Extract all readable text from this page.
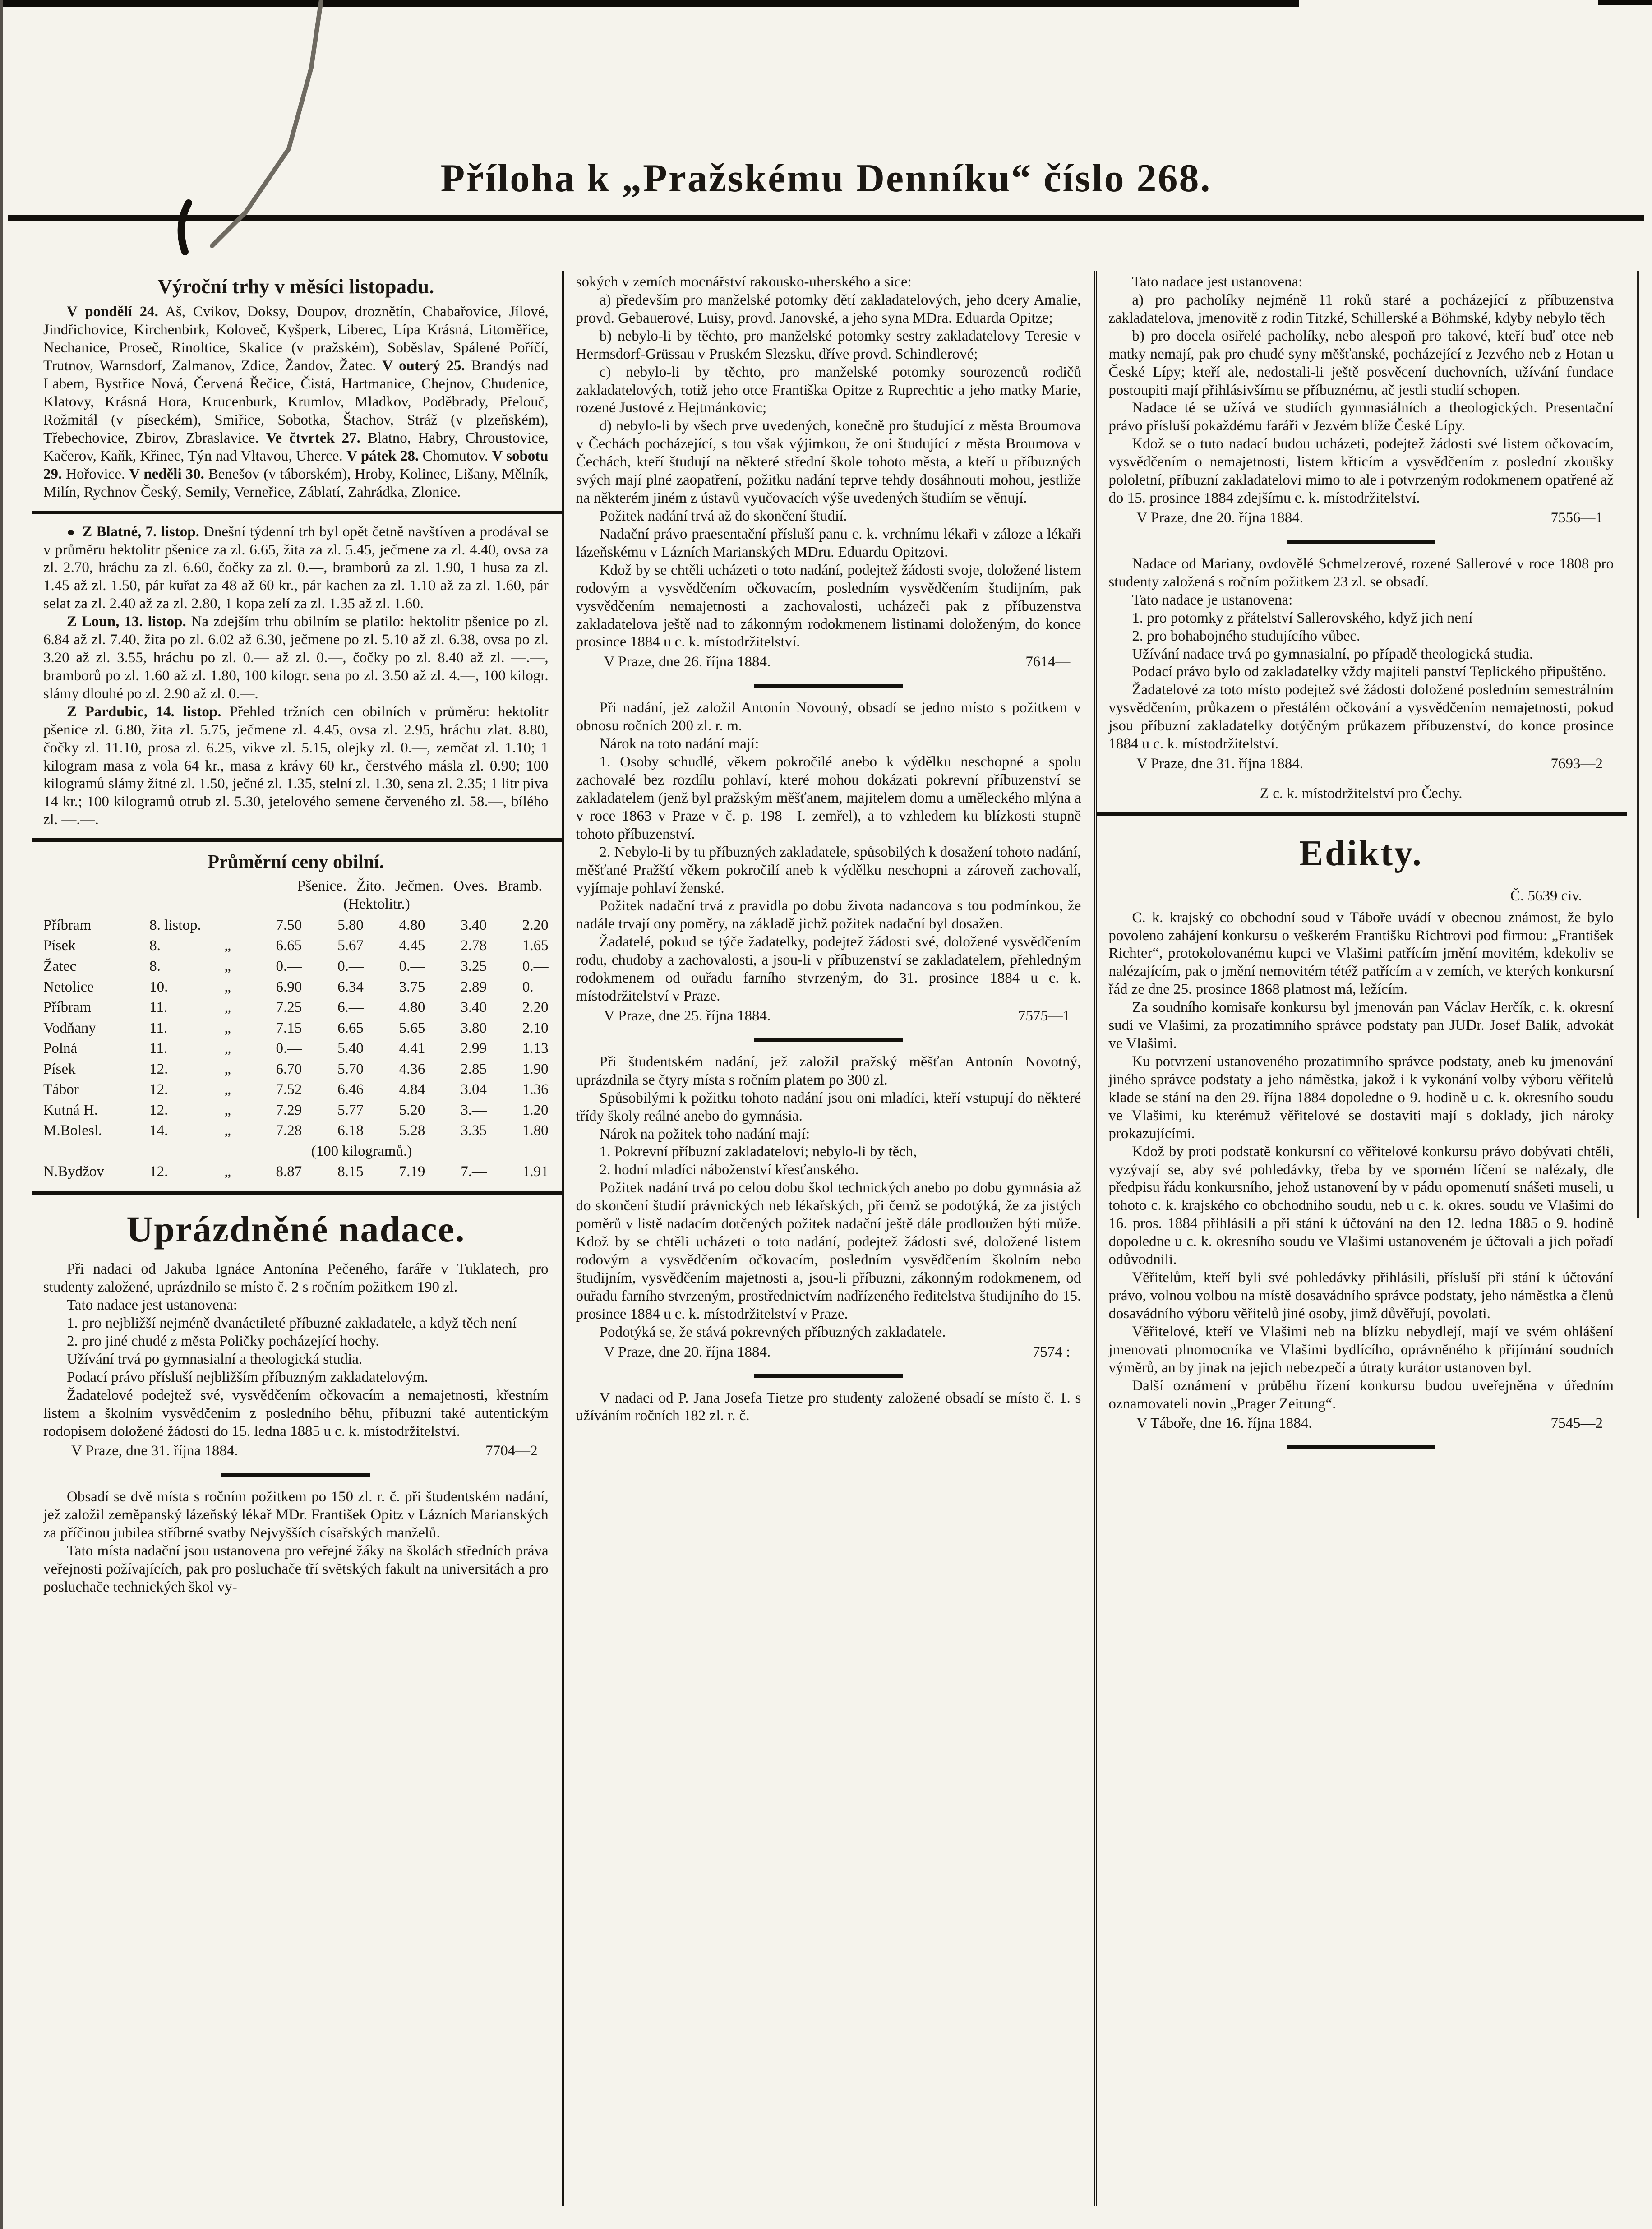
Příloha k „Pražskému Denníku“ číslo 268.
Výroční trhy v měsíci listopadu.

V pondělí 24. Aš, Cvikov, Doksy, Doupov, droznětín, Chabařovice, Jílové, Jindřichovice, Kirchenbirk, Koloveč, Kyšperk, Liberec, Lípa Krásná, Litoměřice, Nechanice, Proseč, Rinoltice, Skalice (v pražském), Soběslav, Spálené Poříčí, Trutnov, Warnsdorf, Zalmanov, Zdice, Žandov, Žatec. V outerý 25. Brandýs nad Labem, Bystřice Nová, Červená Řečice, Čistá, Hartmanice, Chejnov, Chudenice, Klatovy, Krásná Hora, Krucenburk, Krumlov, Mladkov, Poděbrady, Přelouč, Rožmitál (v píseckém), Smiřice, Sobotka, Štachov, Stráž (v plzeňském), Třebechovice, Zbirov, Zbraslavice. Ve čtvrtek 27. Blatno, Habry, Chroustovice, Kačerov, Kaňk, Křinec, Týn nad Vltavou, Uherce. V pátek 28. Chomutov. V sobotu 29. Hořovice. V neděli 30. Benešov (v táborském), Hroby, Kolinec, Lišany, Mělník, Milín, Rychnov Český, Semily, Verneřice, Záblatí, Zahrádka, Zlonice.

● Z Blatné, 7. listop. Dnešní týdenní trh byl opět četně navštíven a prodával se v průměru hektolitr pšenice za zl. 6.65, žita za zl. 5.45, ječmene za zl. 4.40, ovsa za zl. 2.70, hráchu za zl. 6.60, čočky za zl. 0.—, bramborů za zl. 1.90, 1 husa za zl. 1.45 až zl. 1.50, pár kuřat za 48 až 60 kr., pár kachen za zl. 1.10 až za zl. 1.60, pár selat za zl. 2.40 až za zl. 2.80, 1 kopa zelí za zl. 1.35 až zl. 1.60.

Z Loun, 13. listop. Na zdejším trhu obilním se platilo: hektolitr pšenice po zl. 6.84 až zl. 7.40, žita po zl. 6.02 až 6.30, ječmene po zl. 5.10 až zl. 6.38, ovsa po zl. 3.20 až zl. 3.55, hráchu po zl. 0.— až zl. 0.—, čočky po zl. 8.40 až zl. —.—, bramborů po zl. 1.60 až zl. 1.80, 100 kilogr. sena po zl. 3.50 až zl. 4.—, 100 kilogr. slámy dlouhé po zl. 2.90 až zl. 0.—.

Z Pardubic, 14. listop. Přehled tržních cen obilních v průměru: hektolitr pšenice zl. 6.80, žita zl. 5.75, ječmene zl. 4.45, ovsa zl. 2.95, hráchu zlat. 8.80, čočky zl. 11.10, prosa zl. 6.25, vikve zl. 5.15, olejky zl. 0.—, zemčat zl. 1.10; 1 kilogram masa z vola 64 kr., masa z krávy 60 kr., čerstvého másla zl. 0.90; 100 kilogramů slámy žitné zl. 1.50, ječné zl. 1.35, stelní zl. 1.30, sena zl. 2.35; 1 litr piva 14 kr.; 100 kilogramů otrub zl. 5.30, jetelového semene červeného zl. 58.—, bílého zl. —.—.

Průměrní ceny obilní.
Pšenice. Žito. Ječmen. Oves. Bramb.
(Hektolitr.)
Příbram	8. listop.		7.50	5.80	4.80	3.40	2.20
Písek	8.	„	6.65	5.67	4.45	2.78	1.65
Žatec	8.	„	0.—	0.—	0.—	3.25	0.—
Netolice	10.	„	6.90	6.34	3.75	2.89	0.—
Příbram	11.	„	7.25	6.—	4.80	3.40	2.20
Vodňany	11.	„	7.15	6.65	5.65	3.80	2.10
Polná	11.	„	0.—	5.40	4.41	2.99	1.13
Písek	12.	„	6.70	5.70	4.36	2.85	1.90
Tábor	12.	„	7.52	6.46	4.84	3.04	1.36
Kutná H.	12.	„	7.29	5.77	5.20	3.—	1.20
M.Bolesl.	14.	„	7.28	6.18	5.28	3.35	1.80
(100 kilogramů.)							
N.Bydžov	12.	„	8.87	8.15	7.19	7.—	1.91
Uprázdněné nadace.

Při nadaci od Jakuba Ignáce Antonína Pečeného, faráře v Tuklatech, pro studenty založené, uprázdnilo se místo č. 2 s ročním požitkem 190 zl.

Tato nadace jest ustanovena:

1. pro nejbližší nejméně dvanáctileté příbuzné zakladatele, a když těch není

2. pro jiné chudé z města Poličky pocházející hochy.

Užívání trvá po gymnasialní a theologická studia.

Podací právo přísluší nejbližším příbuzným zakladatelovým.

Žadatelové podejtež své, vysvědčením očkovacím a nemajetnosti, křestním listem a školním vysvědčením z posledního běhu, příbuzní také autentickým rodopisem doložené žádosti do 15. ledna 1885 u c. k. místodržitelství.

V Praze, dne 31. října 1884.	7704—2

Obsadí se dvě místa s ročním požitkem po 150 zl. r. č. při študentském nadání, jež založil zeměpanský lázeňský lékař MDr. František Opitz v Lázních Marianských za příčinou jubilea stříbrné svatby Nejvyšších císařských manželů.

Tato místa nadační jsou ustanovena pro veřejné žáky na školách středních práva veřejnosti požívajících, pak pro posluchače tří světských fakult na universitách a pro posluchače technických škol vy-

sokých v zemích mocnářství rakousko-uherského a sice:

a) především pro manželské potomky dětí zakladatelových, jeho dcery Amalie, provd. Gebauerové, Luisy, provd. Janovské, a jeho syna MDra. Eduarda Opitze;

b) nebylo-li by těchto, pro manželské potomky sestry zakladatelovy Teresie v Hermsdorf-Grüssau v Pruském Slezsku, dříve provd. Schindlerové;

c) nebylo-li by těchto, pro manželské potomky sourozenců rodičů zakladatelových, totiž jeho otce Františka Opitze z Ruprechtic a jeho matky Marie, rozené Justové z Hejtmánkovic;

d) nebylo-li by všech prve uvedených, konečně pro študující z města Broumova v Čechách pocházející, s tou však výjimkou, že oni študující z města Broumova v Čechách, kteří študují na některé střední škole tohoto města, a kteří u příbuzných svých mají plné zaopatření, požitku nadání teprve tehdy dosáhnouti mohou, jestliže na některém jiném z ústavů vyučovacích výše uvedených študiím se věnují.

Požitek nadání trvá až do skončení študií.

Nadační právo praesentační přísluší panu c. k. vrchnímu lékaři v záloze a lékaři lázeňskému v Lázních Marianských MDru. Eduardu Opitzovi.

Kdož by se chtěli ucházeti o toto nadání, podejtež žádosti svoje, doložené listem rodovým a vysvědčením očkovacím, posledním vysvědčením študijním, pak vysvědčením nemajetnosti a zachovalosti, ucházeči pak z příbuzenstva zakladatelova ještě nad to zákonným rodokmenem listinami doloženým, do konce prosince 1884 u c. k. místodržitelství.

V Praze, dne 26. října 1884.	7614—

Při nadání, jež založil Antonín Novotný, obsadí se jedno místo s požitkem v obnosu ročních 200 zl. r. m.

Nárok na toto nadání mají:

1. Osoby schudlé, věkem pokročilé anebo k výdělku neschopné a spolu zachovalé bez rozdílu pohlaví, které mohou dokázati pokrevní příbuzenství se zakladatelem (jenž byl pražským měšťanem, majitelem domu a uměleckého mlýna a v roce 1863 v Praze v č. p. 198—I. zemřel), a to vzhledem ku blízkosti stupně tohoto příbuzenství.

2. Nebylo-li by tu příbuzných zakladatele, spůsobilých k dosažení tohoto nadání, měšťané Pražští věkem pokročilí aneb k výdělku neschopni a zároveň zachovalí, vyjímaje pohlaví ženské.

Požitek nadační trvá z pravidla po dobu života nadancova s tou podmínkou, že nadále trvají ony poměry, na základě jichž požitek nadační byl dosažen.

Žadatelé, pokud se týče žadatelky, podejtež žádosti své, doložené vysvědčením rodu, chudoby a zachovalosti, a jsou-li v příbuzenství se zakladatelem, přehledným rodokmenem od ouřadu farního stvrzeným, do 31. prosince 1884 u c. k. místodržitelství v Praze.

V Praze, dne 25. října 1884.	7575—1

Při študentském nadání, jež založil pražský měšťan Antonín Novotný, uprázdnila se čtyry místa s ročním platem po 300 zl.

Spůsobilými k požitku tohoto nadání jsou oni mladíci, kteří vstupují do některé třídy školy reálné anebo do gymnásia.

Nárok na požitek toho nadání mají:

1. Pokrevní příbuzní zakladatelovi; nebylo-li by těch,

2. hodní mladíci náboženství křesťanského.

Požitek nadání trvá po celou dobu škol technických anebo po dobu gymnásia až do skončení študií právnických neb lékařských, při čemž se podotýká, že za jistých poměrů v listě nadacím dotčených požitek nadační ještě dále prodloužen býti může. Kdož by se chtěli ucházeti o toto nadání, podejtež žádosti své, doložené listem rodovým a vysvědčením očkovacím, posledním vysvědčením školním nebo študijním, vysvědčením majetnosti a, jsou-li příbuzni, zákonným rodokmenem, od ouřadu farního stvrzeným, prostřednictvím nadřízeného ředitelstva študijního do 15. prosince 1884 u c. k. místodržitelství v Praze.

Podotýká se, že stává pokrevných příbuzných zakladatele.

V Praze, dne 20. října 1884.	7574 :

V nadaci od P. Jana Josefa Tietze pro studenty založené obsadí se místo č. 1. s užíváním ročních 182 zl. r. č.

Tato nadace jest ustanovena:

a) pro pacholíky nejméně 11 roků staré a pocházející z příbuzenstva zakladatelova, jmenovitě z rodin Titzké, Schillerské a Böhmské, kdyby nebylo těch

b) pro docela osiřelé pacholíky, nebo alespoň pro takové, kteří buď otce neb matky nemají, pak pro chudé syny měšťanské, pocházející z Jezvého neb z Hotan u České Lípy; kteří ale, nedostali-li ještě posvěcení duchovních, užívání fundace postoupiti mají přihlásivšímu se příbuznému, ač jestli studií schopen.

Nadace té se užívá ve studiích gymnasiálních a theologických. Presentační právo přísluší pokaždému faráři v Jezvém blíže České Lípy.

Kdož se o tuto nadací budou ucházeti, podejtež žádosti své listem očkovacím, vysvědčením o nemajetnosti, listem křticím a vysvědčením z poslední zkoušky pololetní, příbuzní zakladatelovi mimo to ale i potvrzeným rodokmenem opatřené až do 15. prosince 1884 zdejšímu c. k. místodržitelství.

V Praze, dne 20. října 1884.	7556—1

Nadace od Mariany, ovdovělé Schmelzerové, rozené Sallerové v roce 1808 pro studenty založená s ročním požitkem 23 zl. se obsadí.

Tato nadace je ustanovena:

1. pro potomky z přátelství Sallerovského, když jich není

2. pro bohabojného studujícího vůbec.

Užívání nadace trvá po gymnasialní, po případě theologická studia.

Podací právo bylo od zakladatelky vždy majiteli panství Teplického připuštěno.

Žadatelové za toto místo podejtež své žádosti doložené posledním semestrálním vysvědčením, průkazem o přestálém očkování a vysvědčením nemajetnosti, pokud jsou příbuzní zakladatelky dotýčným průkazem příbuzenství, do konce prosince 1884 u c. k. místodržitelství.

V Praze, dne 31. října 1884.	7693—2

Z c. k. místodržitelství pro Čechy.

Edikty.

Č. 5639 civ.

C. k. krajský co obchodní soud v Táboře uvádí v obecnou známost, že bylo povoleno zahájení konkursu o veškerém Františku Richtrovi pod firmou: „František Richter“, protokolovanému kupci ve Vlašimi patřícím jmění movitém, kdekoliv se nalézajícím, pak o jmění nemovitém tétéž patřícím a v zemích, ve kterých konkursní řád ze dne 25. prosince 1868 platnost má, ležícím.

Za soudního komisaře konkursu byl jmenován pan Václav Herčík, c. k. okresní sudí ve Vlašimi, za prozatimního správce podstaty pan JUDr. Josef Balík, advokát ve Vlašimi.

Ku potvrzení ustanoveného prozatimního správce podstaty, aneb ku jmenování jiného správce podstaty a jeho náměstka, jakož i k vykonání volby výboru věřitelů klade se stání na den 29. října 1884 dopoledne o 9. hodině u c. k. okresního soudu ve Vlašimi, ku kterémuž věřitelové se dostaviti mají s doklady, jich nároky prokazujícími.

Kdož by proti podstatě konkursní co věřitelové konkursu právo dobývati chtěli, vyzývají se, aby své pohledávky, třeba by ve sporném líčení se nalézaly, dle předpisu řádu konkursního, jehož ustanovení by v pádu opomenutí snášeti museli, u tohoto c. k. krajského co obchodního soudu, neb u c. k. okres. soudu ve Vlašimi do 16. pros. 1884 přihlásili a při stání k účtování na den 12. ledna 1885 o 9. hodině dopoledne u c. k. okresního soudu ve Vlašimi ustanoveném je účtovali a jich pořadí odůvodnili.

Věřitelům, kteří byli své pohledávky přihlásili, přísluší při stání k účtování právo, volnou volbou na místě dosavádního správce podstaty, jeho náměstka a členů dosavádního výboru věřitelů jiné osoby, jimž důvěřují, povolati.

Věřitelové, kteří ve Vlašimi neb na blízku nebydlejí, mají ve svém ohlášení jmenovati plnomocníka ve Vlašimi bydlícího, oprávněného k přijímání soudních výměrů, an by jinak na jejich nebezpečí a útraty kurátor ustanoven byl.

Další oznámení v průběhu řízení konkursu budou uveřejněna v úředním oznamovateli novin „Prager Zeitung“.

V Táboře, dne 16. října 1884.	7545—2
